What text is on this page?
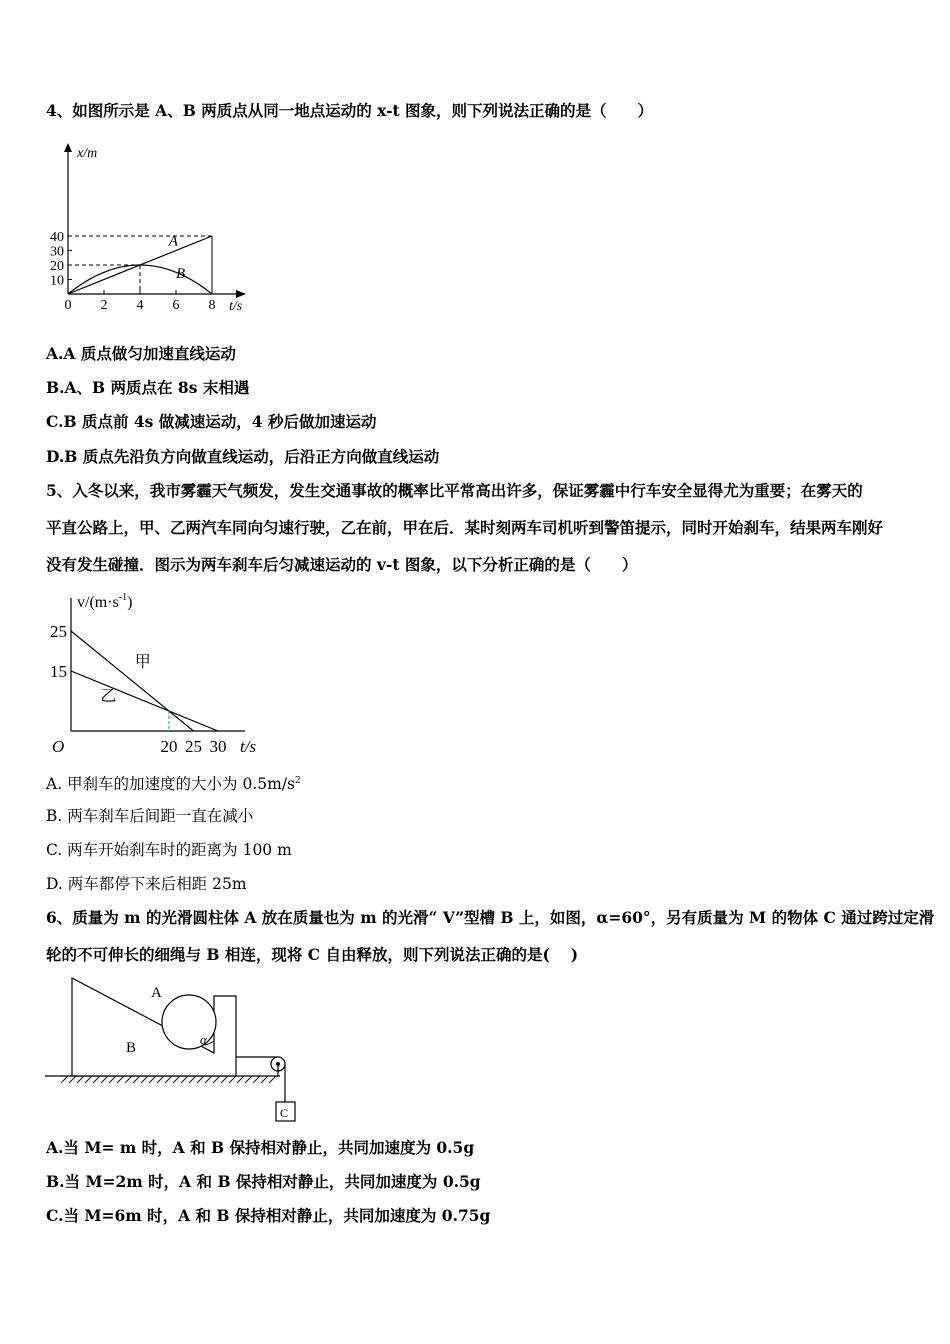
4、如图所示是 A、B 两质点从同一地点运动的 x-t 图象，则下列说法正确的是（　　）
10
20
30
40
0 2 4 6 8
x/m
t/s
A
B
A.A 质点做匀加速直线运动
B.A、B 两质点在 8s 末相遇
C.B 质点前 4s 做减速运动，4 秒后做加速运动
D.B 质点先沿负方向做直线运动，后沿正方向做直线运动
5、入冬以来，我市雾霾天气频发，发生交通事故的概率比平常高出许多，保证雾霾中行车安全显得尤为重要；在雾天的
平直公路上，甲、乙两汽车同向匀速行驶，乙在前，甲在后．某时刻两车司机听到警笛提示，同时开始刹车，结果两车刚好
没有发生碰撞．图示为两车刹车后匀减速运动的 v-t 图象，以下分析正确的是（　　）
甲
乙
15
25
20 25 30
O	t/s
$v/(m\cdot s^{-1})$
A. 甲刹车的加速度的大小为 $0.5m/s^2$
B. 两车刹车后间距一直在减小
C. 两车开始刹车时的距离为 100 m
D. 两车都停下来后相距 25m
6、质量为 m 的光滑圆柱体 A 放在质量也为 m 的光滑“ V”型槽 B 上，如图，α=60°，另有质量为 M 的物体 C 通过跨过定滑
轮的不可伸长的细绳与 B 相连，现将 C 自由释放，则下列说法正确的是(　 )
A
B
α
C
A.当 M= m 时，A 和 B 保持相对静止，共同加速度为 0.5g
B.当 M=2m 时，A 和 B 保持相对静止，共同加速度为 0.5g
C.当 M=6m 时，A 和 B 保持相对静止，共同加速度为 0.75g
